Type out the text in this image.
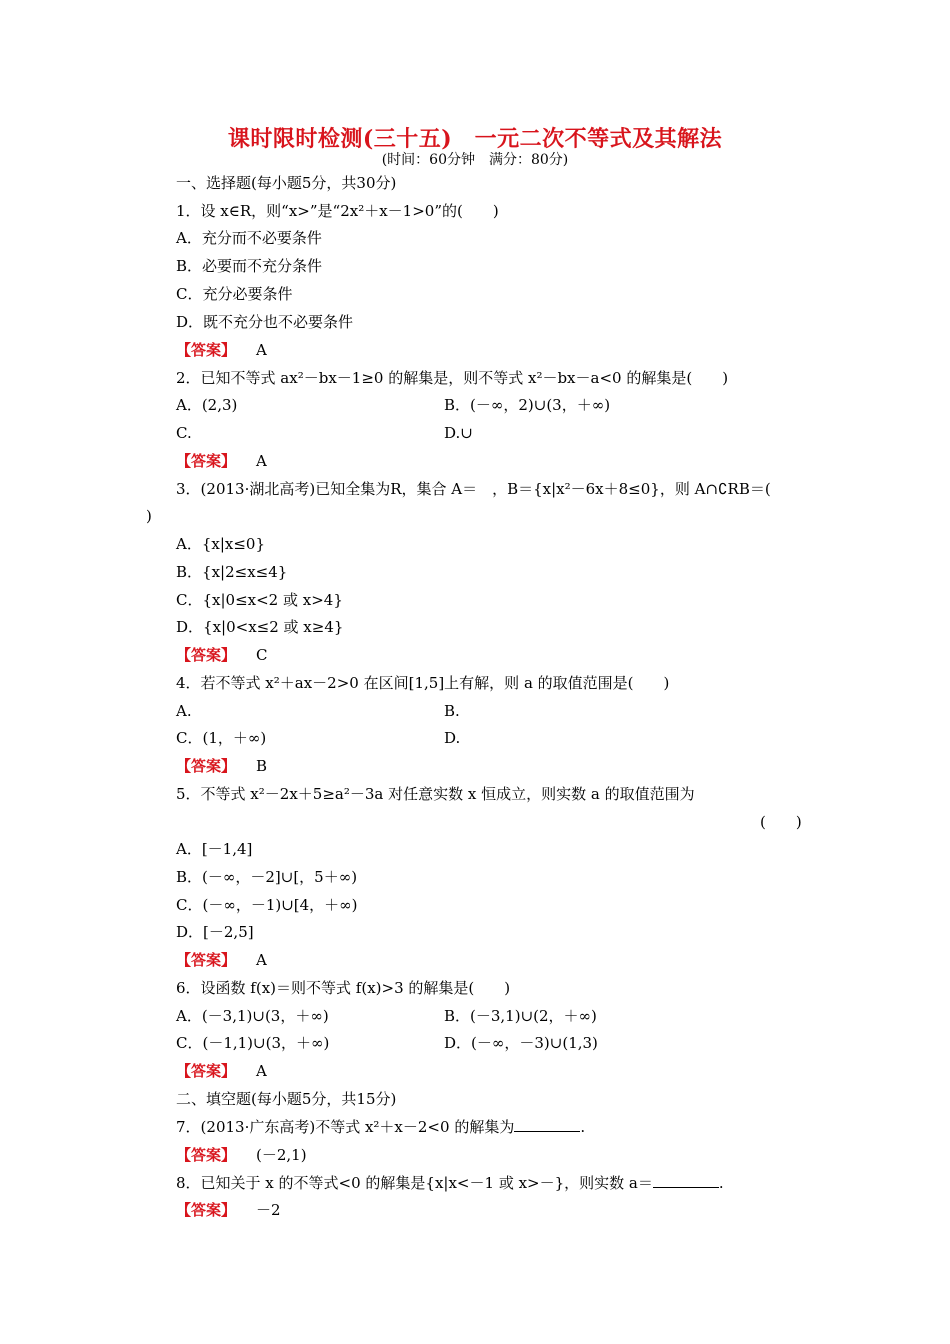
课时限时检测(三十五)　一元二次不等式及其解法
(时间：60分钟　满分：80分)
一、选择题(每小题5分，共30分)
1．设 x∈R，则“x>”是“2x²＋x－1>0”的(　　)
A．充分而不必要条件
B．必要而不充分条件
C．充分必要条件
D．既不充分也不必要条件
【答案】 A
2．已知不等式 ax²－bx－1≥0 的解集是，则不等式 x²－bx－a<0 的解集是(　　)
A．(2,3)	B．(－∞，2)∪(3，＋∞)
C.	D.∪
【答案】 A
3．(2013·湖北高考)已知全集为R，集合 A＝　，B＝{x|x²－6x＋8≤0}，则 A∩∁RB＝(
)
A．{x|x≤0}
B．{x|2≤x≤4}
C．{x|0≤x<2 或 x>4}
D．{x|0<x≤2 或 x≥4}
【答案】 C
4．若不等式 x²＋ax－2>0 在区间[1,5]上有解，则 a 的取值范围是(　　)
A.	B.
C．(1，＋∞)	D.
【答案】 B
5．不等式 x²－2x＋5≥a²－3a 对任意实数 x 恒成立，则实数 a 的取值范围为
(　　)
A．[－1,4]
B．(－∞，－2]∪[，5＋∞)
C．(－∞，－1)∪[4，＋∞)
D．[－2,5]
【答案】 A
6．设函数 f(x)＝则不等式 f(x)>3 的解集是(　　)
A．(－3,1)∪(3，＋∞)	B．(－3,1)∪(2，＋∞)
C．(－1,1)∪(3，＋∞)	D．(－∞，－3)∪(1,3)
【答案】 A
二、填空题(每小题5分，共15分)
7．(2013·广东高考)不等式 x²＋x－2<0 的解集为	.
【答案】 (－2,1)
8．已知关于 x 的不等式<0 的解集是{x|x<－1 或 x>－}，则实数 a＝	.
【答案】 －2
